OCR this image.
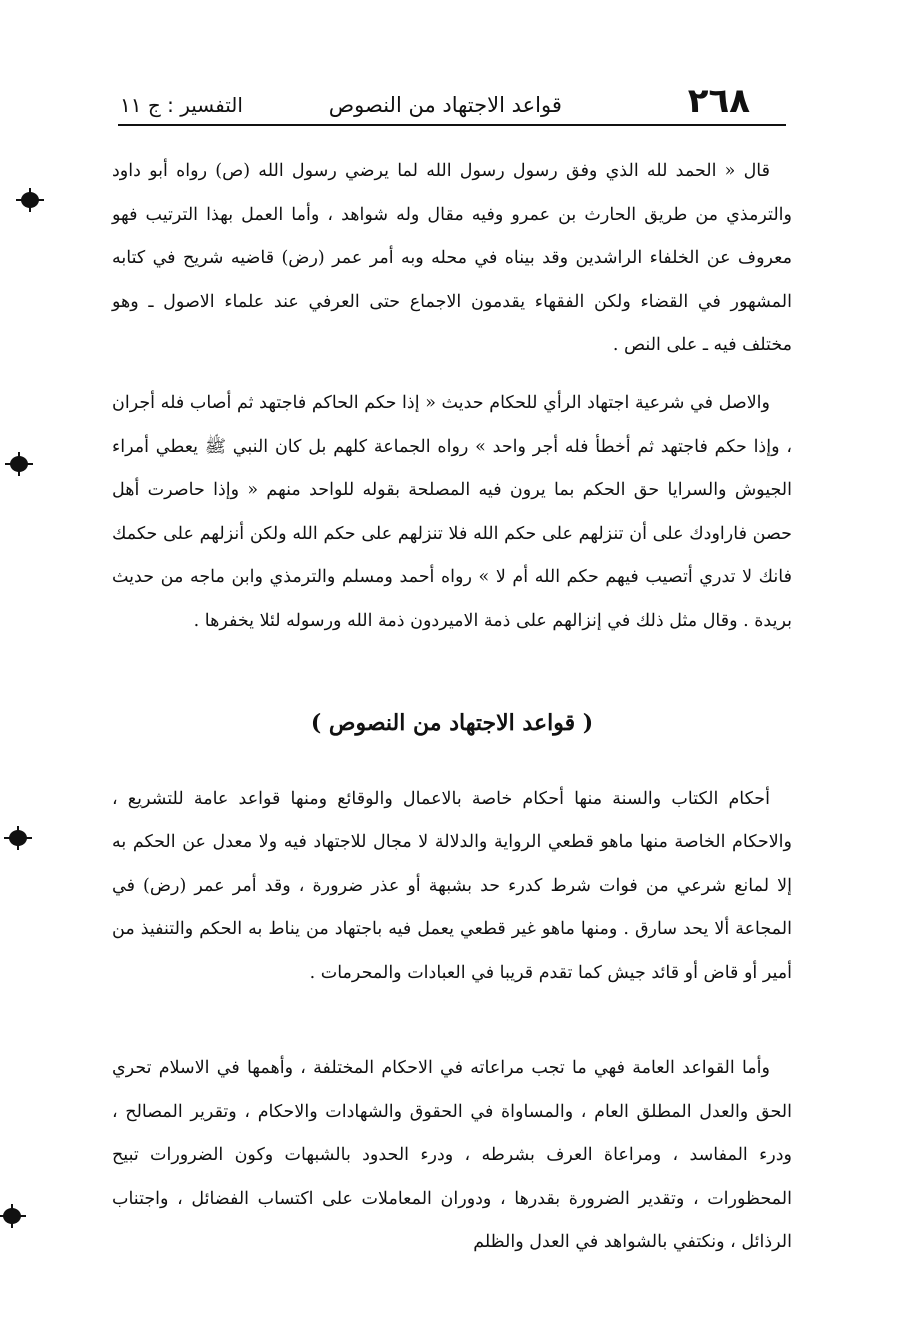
٢٦٨
قواعد الاجتهاد من النصوص
التفسير : ج ١١

قال « الحمد لله الذي وفق رسول رسول الله لما يرضي رسول الله (ص) رواه أبو داود والترمذي من طريق الحارث بن عمرو وفيه مقال وله شواهد ، وأما العمل بهذا الترتيب فهو معروف عن الخلفاء الراشدين وقد بيناه في محله وبه أمر عمر (رض) قاضيه شريح في كتابه المشهور في القضاء ولكن الفقهاء يقدمون الاجماع حتى العرفي عند علماء الاصول ـ وهو مختلف فيه ـ على النص .

والاصل في شرعية اجتهاد الرأي للحكام حديث « إذا حكم الحاكم فاجتهد ثم أصاب فله أجران ، وإذا حكم فاجتهد ثم أخطأ فله أجر واحد » رواه الجماعة كلهم بل كان النبي ﷺ يعطي أمراء الجيوش والسرايا حق الحكم بما يرون فيه المصلحة بقوله للواحد منهم « وإذا حاصرت أهل حصن فاراودك على أن تنزلهم على حكم الله فلا تنزلهم على حكم الله ولكن أنزلهم على حكمك فانك لا تدري أتصيب فيهم حكم الله أم لا » رواه أحمد ومسلم والترمذي وابن ماجه من حديث بريدة . وقال مثل ذلك في إنزالهم على ذمة الاميردون ذمة الله ورسوله لئلا يخفرها .

( قواعد الاجتهاد من النصوص )

أحكام الكتاب والسنة منها أحكام خاصة بالاعمال والوقائع ومنها قواعد عامة للتشريع ، والاحكام الخاصة منها ماهو قطعي الرواية والدلالة لا مجال للاجتهاد فيه ولا معدل عن الحكم به إلا لمانع شرعي من فوات شرط كدرء حد بشبهة أو عذر ضرورة ، وقد أمر عمر (رض) في المجاعة ألا يحد سارق . ومنها ماهو غير قطعي يعمل فيه باجتهاد من يناط به الحكم والتنفيذ من أمير أو قاض أو قائد جيش كما تقدم قريبا في العبادات والمحرمات .

وأما القواعد العامة فهي ما تجب مراعاته في الاحكام المختلفة ، وأهمها في الاسلام تحري الحق والعدل المطلق العام ، والمساواة في الحقوق والشهادات والاحكام ، وتقرير المصالح ، ودرء المفاسد ، ومراعاة العرف بشرطه ، ودرء الحدود بالشبهات وكون الضرورات تبيح المحظورات ، وتقدير الضرورة بقدرها ، ودوران المعاملات على اكتساب الفضائل ، واجتناب الرذائل ، ونكتفي بالشواهد في العدل والظلم
